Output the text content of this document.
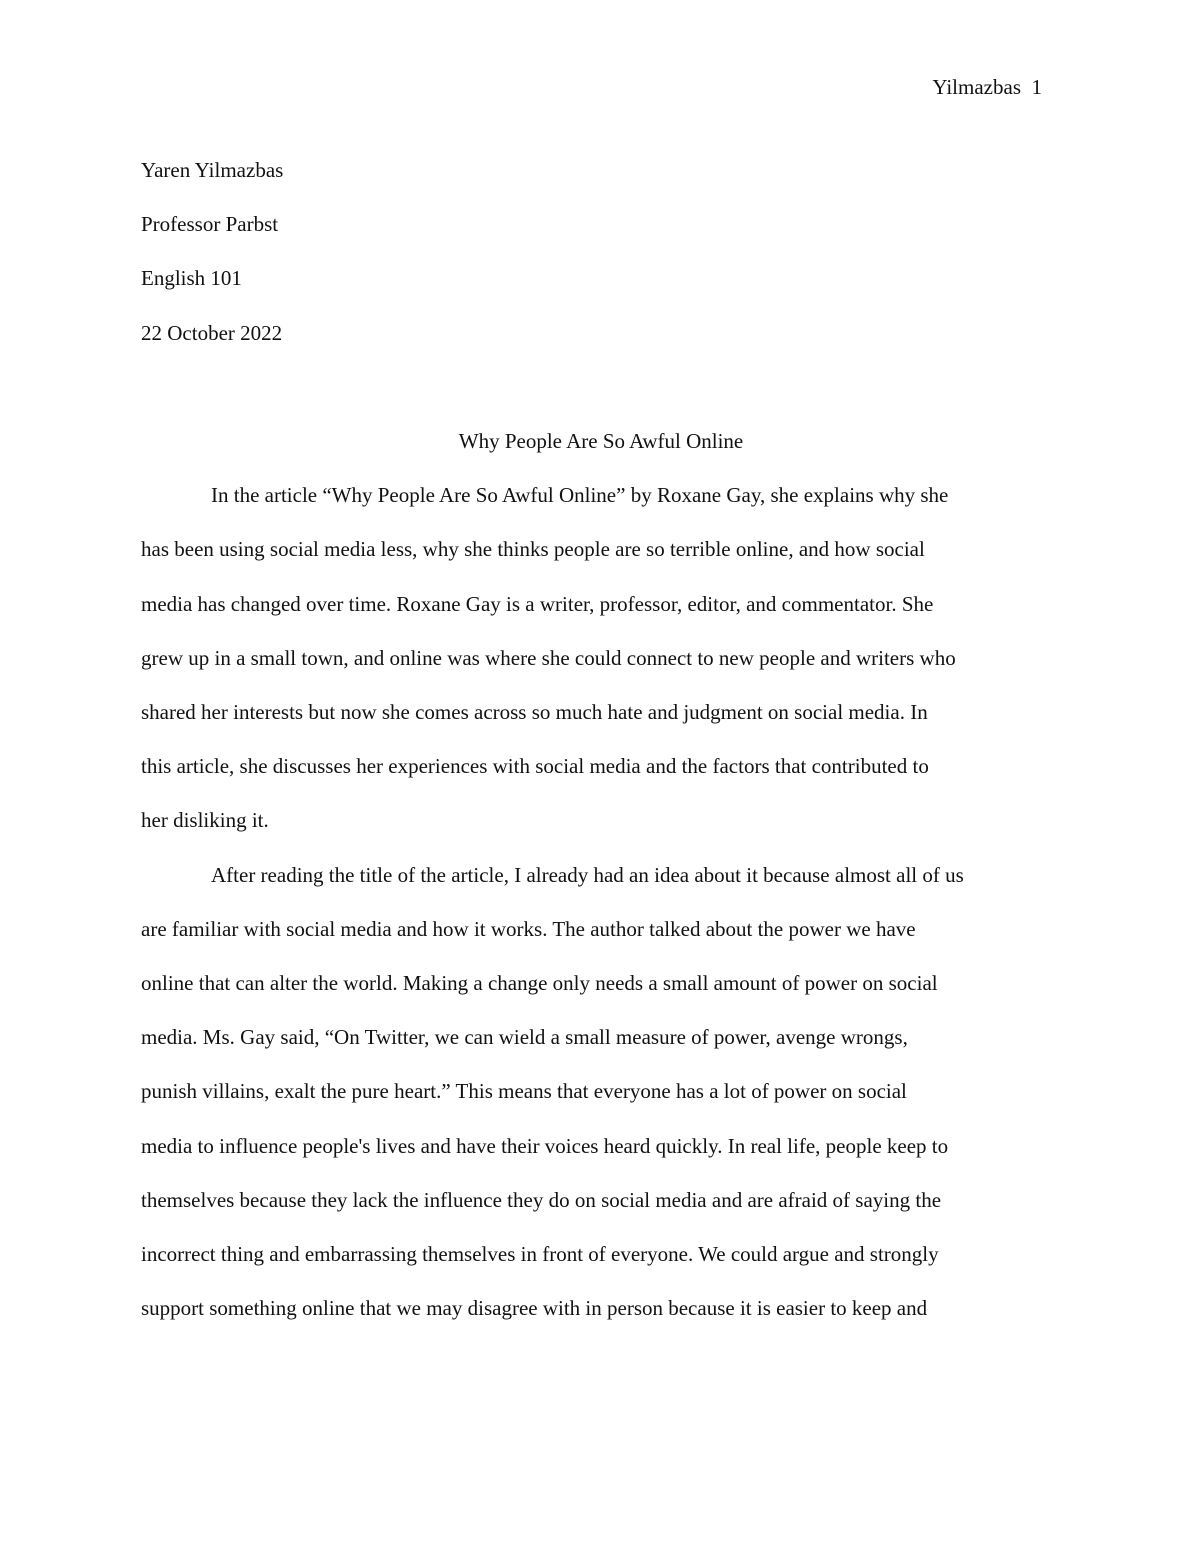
Yilmazbas  1

Yaren Yilmazbas

Professor Parbst

English 101

22 October 2022

Why People Are So Awful Online

In the article “Why People Are So Awful Online” by Roxane Gay, she explains why she
has been using social media less, why she thinks people are so terrible online, and how social
media has changed over time. Roxane Gay is a writer, professor, editor, and commentator. She
grew up in a small town, and online was where she could connect to new people and writers who
shared her interests but now she comes across so much hate and judgment on social media. In
this article, she discusses her experiences with social media and the factors that contributed to
her disliking it.

After reading the title of the article, I already had an idea about it because almost all of us
are familiar with social media and how it works. The author talked about the power we have
online that can alter the world. Making a change only needs a small amount of power on social
media. Ms. Gay said, “On Twitter, we can wield a small measure of power, avenge wrongs,
punish villains, exalt the pure heart.” This means that everyone has a lot of power on social
media to influence people's lives and have their voices heard quickly. In real life, people keep to
themselves because they lack the influence they do on social media and are afraid of saying the
incorrect thing and embarrassing themselves in front of everyone. We could argue and strongly
support something online that we may disagree with in person because it is easier to keep and
